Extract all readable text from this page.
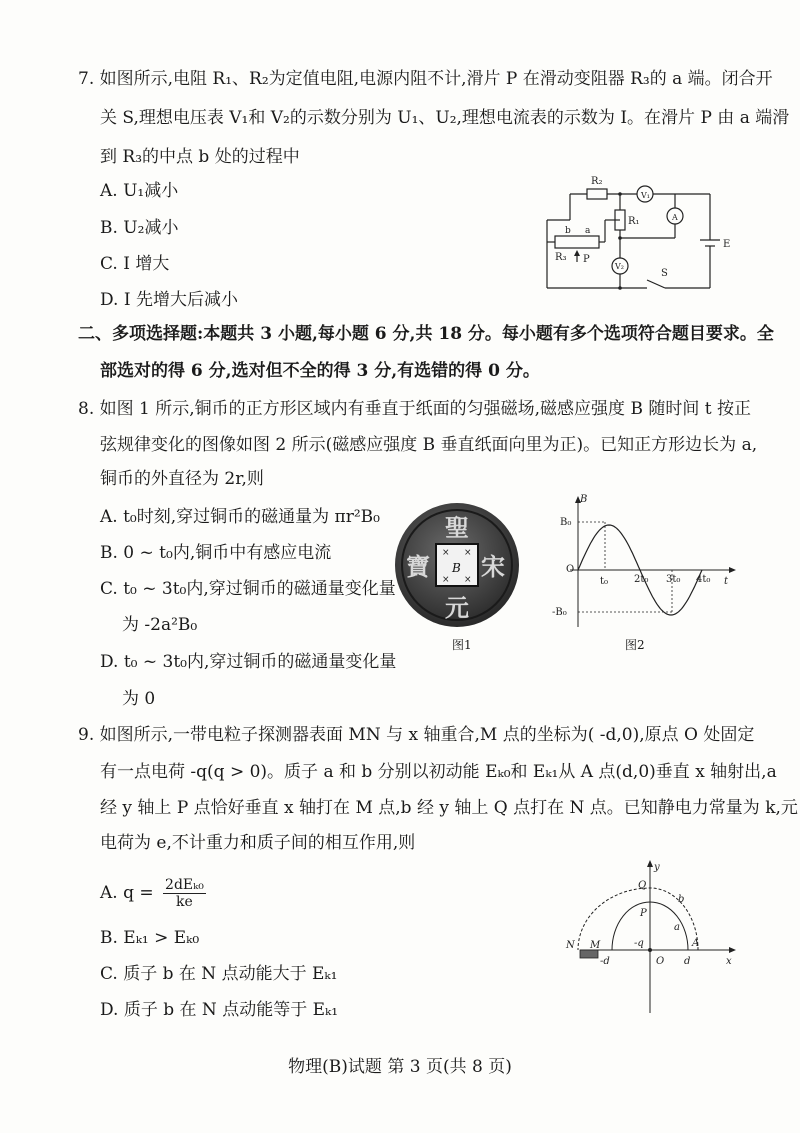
7. 如图所示,电阻 R₁、R₂为定值电阻,电源内阻不计,滑片 P 在滑动变阻器 R₃的 a 端。闭合开
关 S,理想电压表 V₁和 V₂的示数分别为 U₁、U₂,理想电流表的示数为 I。在滑片 P 由 a 端滑
到 R₃的中点 b 处的过程中
A. U₁减小
B. U₂减小
C. I 增大
D. I 先增大后减小
R₂
V₁
R₁	A
E
b a
R₃ P
V₂
S
二、多项选择题:本题共 3 小题,每小题 6 分,共 18 分。每小题有多个选项符合题目要求。全
部选对的得 6 分,选对但不全的得 3 分,有选错的得 0 分。
8. 如图 1 所示,铜币的正方形区域内有垂直于纸面的匀强磁场,磁感应强度 B 随时间 t 按正
弦规律变化的图像如图 2 所示(磁感应强度 B 垂直纸面向里为正)。已知正方形边长为 a,
铜币的外直径为 2r,则
A. t₀时刻,穿过铜币的磁通量为 πr²B₀
B. 0 ~ t₀内,铜币中有感应电流
C. t₀ ~ 3t₀内,穿过铜币的磁通量变化量
为 -2a²B₀
D. t₀ ~ 3t₀内,穿过铜币的磁通量变化量
为 0
× ×
× ×
B
聖
宋
元
寶
图1
B
B₀
-B₀
O
t
t₀	2t₀ 3t₀ 4t₀
图2
9. 如图所示,一带电粒子探测器表面 MN 与 x 轴重合,M 点的坐标为( -d,0),原点 O 处固定
有一点电荷 -q(q > 0)。质子 a 和 b 分别以初动能 Eₖ₀和 Eₖ₁从 A 点(d,0)垂直 x 轴射出,a
经 y 轴上 P 点恰好垂直 x 轴打在 M 点,b 经 y 轴上 Q 点打在 N 点。已知静电力常量为 k,元
电荷为 e,不计重力和质子间的相互作用,则
A. q = 2dEₖ₀
ke
B. Eₖ₁ > Eₖ₀
C. 质子 b 在 N 点动能大于 Eₖ₁
D. 质子 b 在 N 点动能等于 Eₖ₁
y
x
Q
P
b
a
N M	-q
O
A
-d	d
物理(B)试题 第 3 页(共 8 页)
